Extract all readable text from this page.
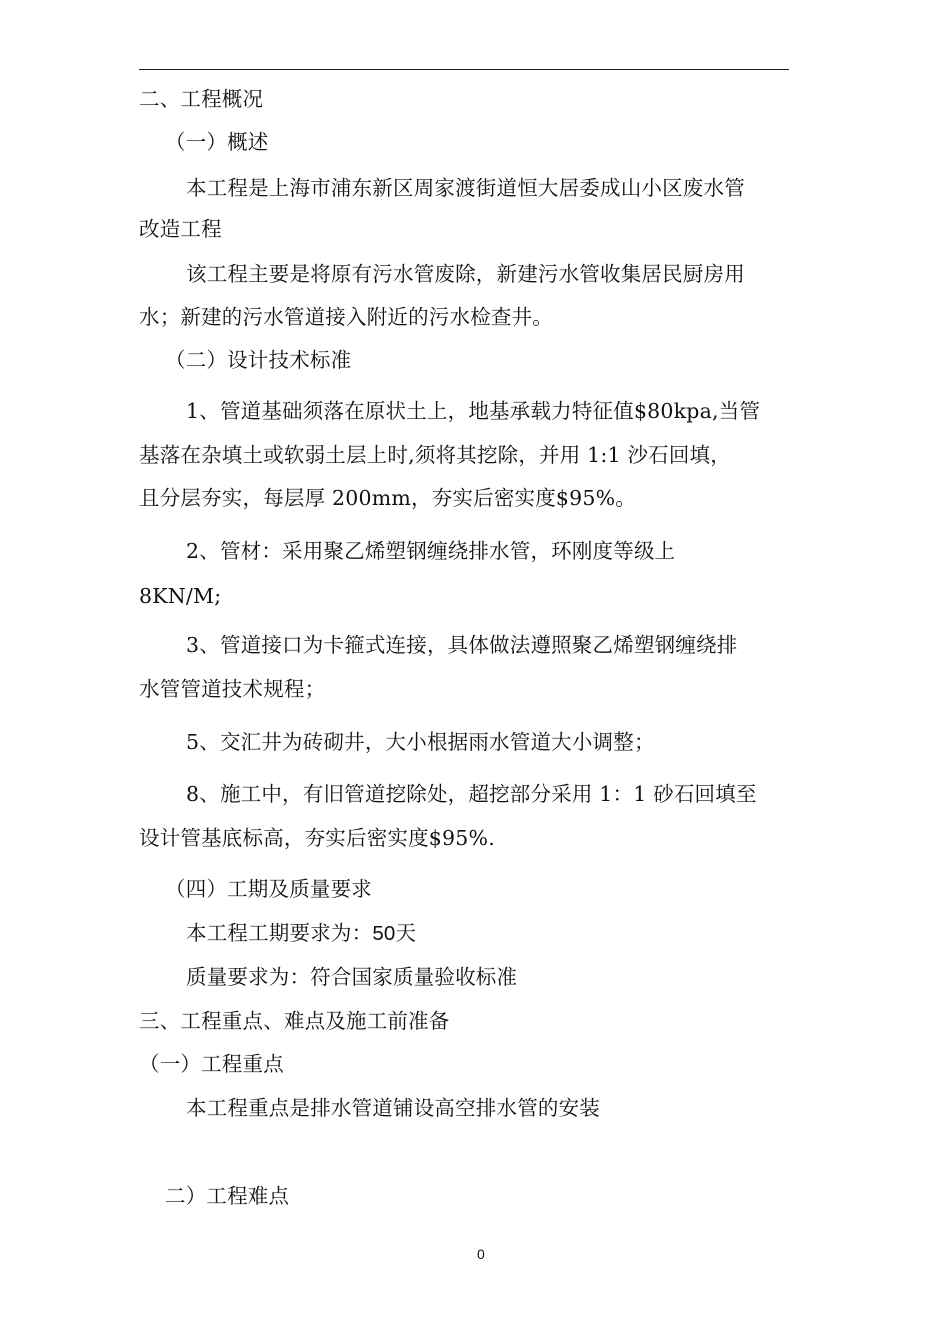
二、工程概况
（一）概述
本工程是上海市浦东新区周家渡街道恒大居委成山小区废水管
改造工程
该工程主要是将原有污水管废除，新建污水管收集居民厨房用
水；新建的污水管道接入附近的污水检查井。
（二）设计技术标准
1、管道基础须落在原状土上，地基承载力特征值$80kpa,当管
基落在杂填土或软弱土层上时,须将其挖除，并用 1:1 沙石回填，
且分层夯实，每层厚 200mm，夯实后密实度$95%。
2、管材：采用聚乙烯塑钢缠绕排水管，环刚度等级上
8KN/M;
3、管道接口为卡箍式连接，具体做法遵照聚乙烯塑钢缠绕排
水管管道技术规程；
5、交汇井为砖砌井，大小根据雨水管道大小调整；
8、施工中，有旧管道挖除处，超挖部分采用 1：1 砂石回填至
设计管基底标高，夯实后密实度$95%.
（四）工期及质量要求
本工程工期要求为：50天
质量要求为：符合国家质量验收标准
三、工程重点、难点及施工前准备
（一）工程重点
本工程重点是排水管道铺设高空排水管的安装
二）工程难点
0
